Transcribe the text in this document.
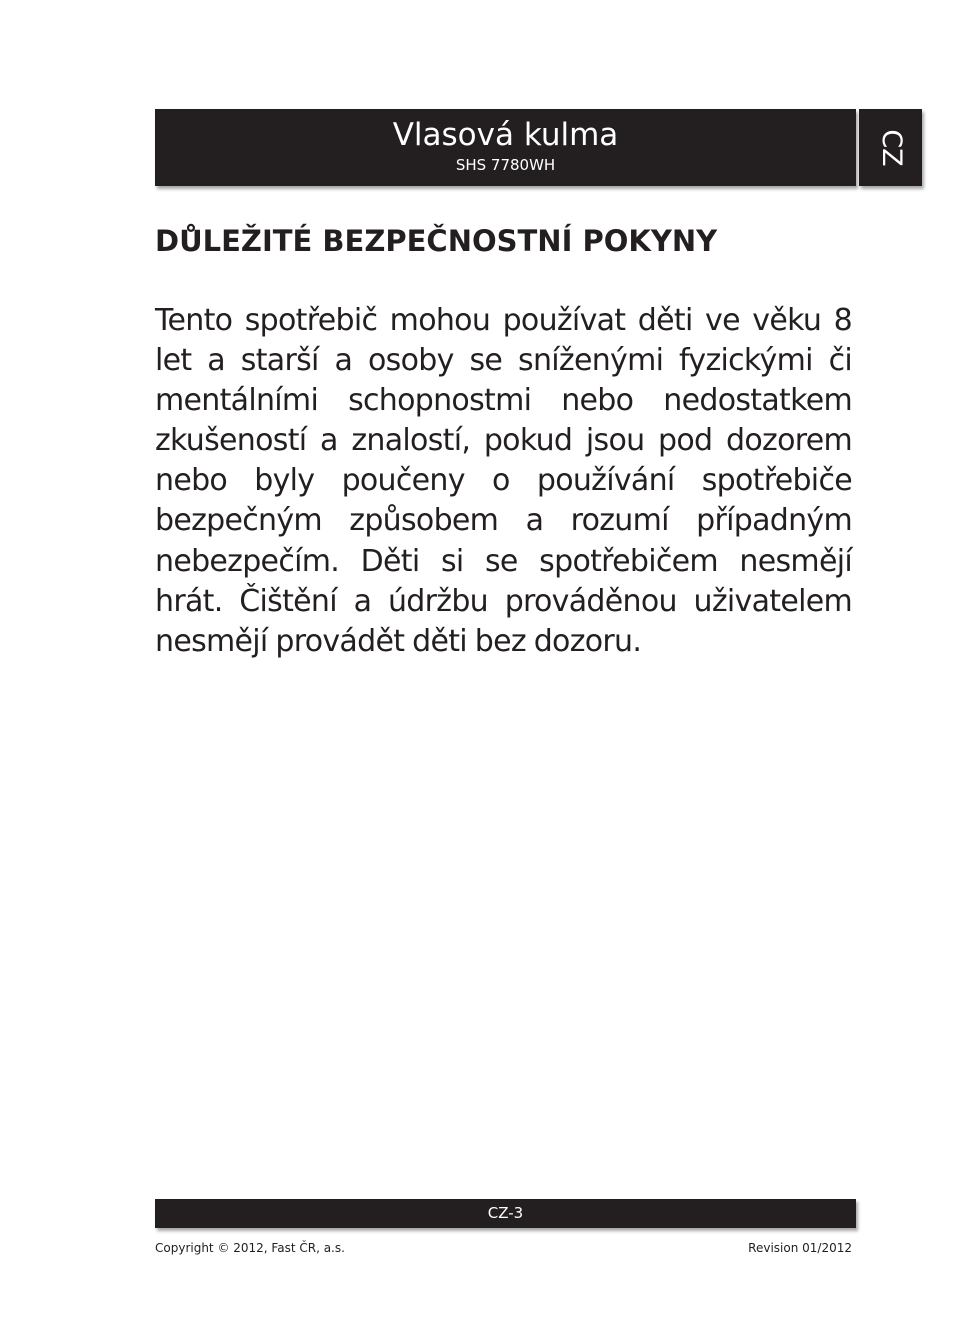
Vlasová kulma
SHS 7780WH	CZ
DŮLEŽITÉ BEZPEČNOSTNÍ POKYNY

Tento spotřebič mohou používat děti ve věku 8 let a starší a osoby se sníženými fyzickými či mentálními schopnostmi nebo nedostatkem zkušeností a znalostí, pokud jsou pod dozorem nebo byly poučeny o používání spotřebiče bezpečným způsobem a rozumí případným nebezpečím. Děti si se spotřebičem nesmějí hrát. Čištění a údržbu prováděnou uživatelem nesmějí provádět děti bez dozoru.

CZ-3
Copyright © 2012, Fast ČR, a.s.	Revision 01/2012
